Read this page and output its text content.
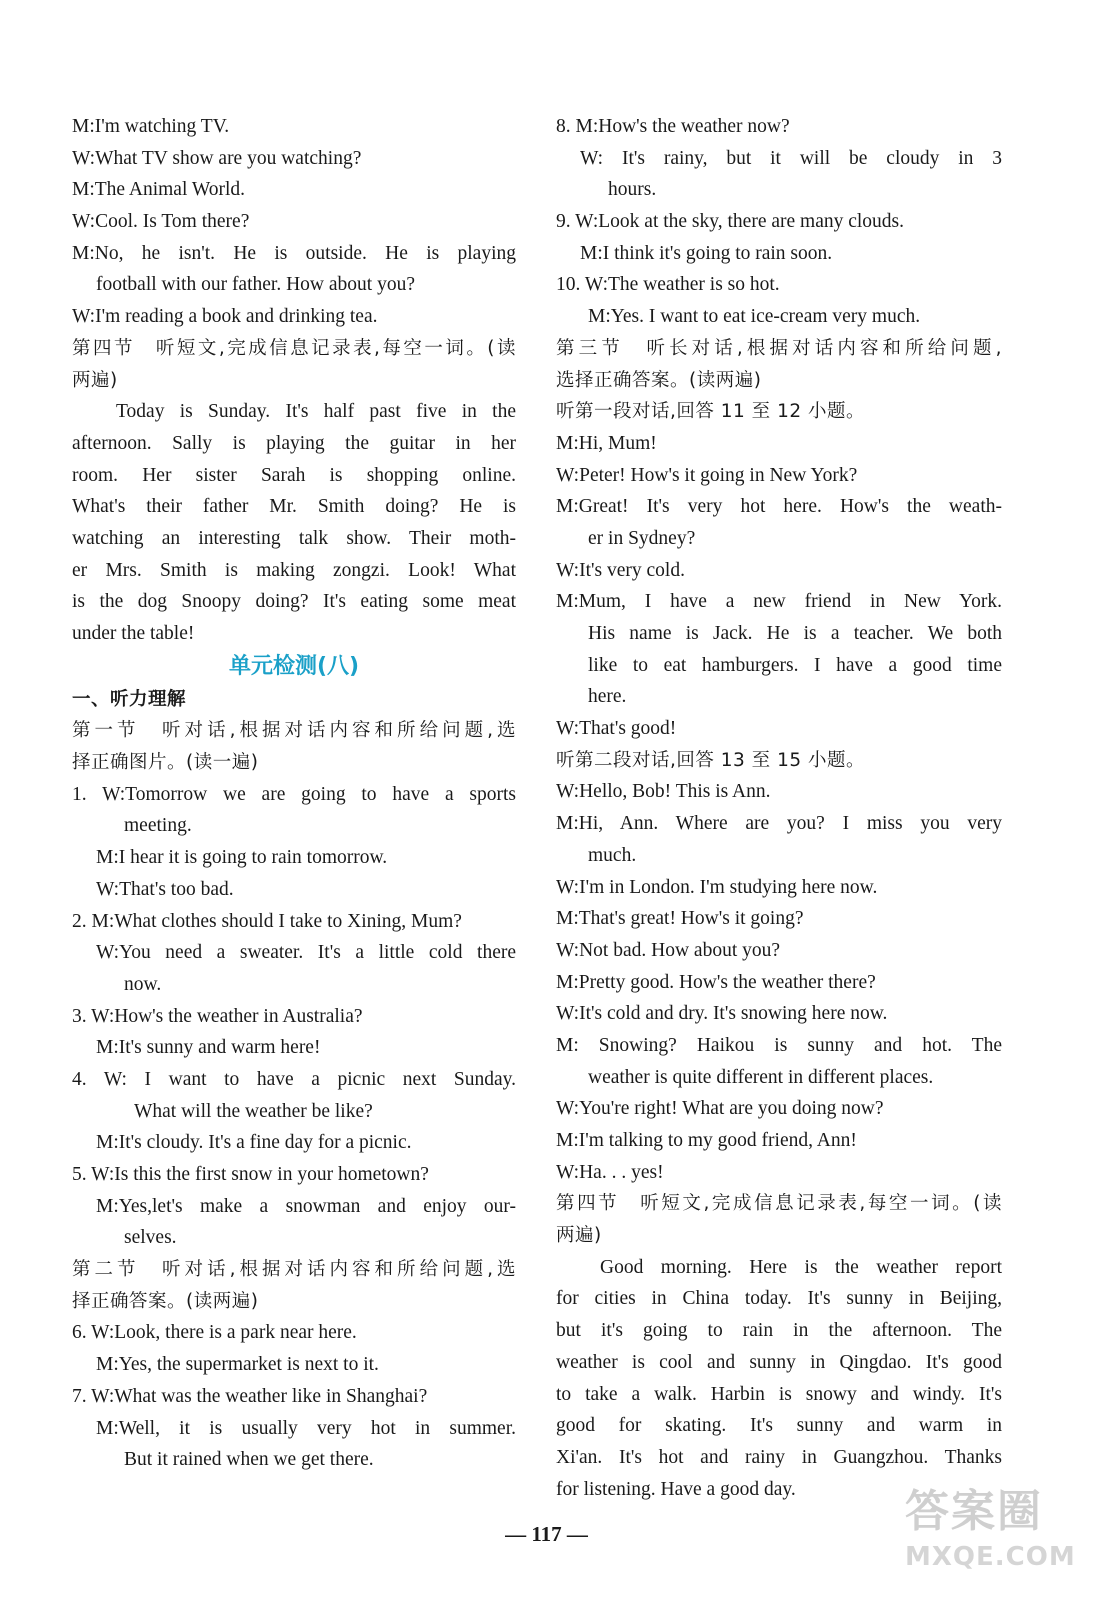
M:I'm watching TV.
W:What TV show are you watching?
M:The Animal World.
W:Cool. Is Tom there?
M:No, he isn't. He is outside. He is playing
football with our father. How about you?
W:I'm reading a book and drinking tea.
第四节　听短文,完成信息记录表,每空一词。(读
两遍)
Today is Sunday. It's half past five in the
afternoon. Sally is playing the guitar in her
room. Her sister Sarah is shopping online.
What's their father Mr. Smith doing? He is
watching an interesting talk show. Their moth-
er Mrs. Smith is making zongzi. Look! What
is the dog Snoopy doing? It's eating some meat
under the table!
单元检测(八)
一、听力理解
第一节　听对话,根据对话内容和所给问题,选
择正确图片。(读一遍)
1. W:Tomorrow we are going to have a sports
meeting.
M:I hear it is going to rain tomorrow.
W:That's too bad.
2. M:What clothes should I take to Xining, Mum?
W:You need a sweater. It's a little cold there
now.
3. W:How's the weather in Australia?
M:It's sunny and warm here!
4. W: I want to have a picnic next Sunday.
What will the weather be like?
M:It's cloudy. It's a fine day for a picnic.
5. W:Is this the first snow in your hometown?
M:Yes,let's make a snowman and enjoy our-
selves.
第二节　听对话,根据对话内容和所给问题,选
择正确答案。(读两遍)
6. W:Look, there is a park near here.
M:Yes, the supermarket is next to it.
7. W:What was the weather like in Shanghai?
M:Well, it is usually very hot in summer.
But it rained when we get there.
8. M:How's the weather now?
W: It's rainy, but it will be cloudy in 3
hours.
9. W:Look at the sky, there are many clouds.
M:I think it's going to rain soon.
10. W:The weather is so hot.
M:Yes. I want to eat ice-cream very much.
第三节　听长对话,根据对话内容和所给问题,
选择正确答案。(读两遍)
听第一段对话,回答 11 至 12 小题。
M:Hi, Mum!
W:Peter! How's it going in New York?
M:Great! It's very hot here. How's the weath-
er in Sydney?
W:It's very cold.
M:Mum, I have a new friend in New York.
His name is Jack. He is a teacher. We both
like to eat hamburgers. I have a good time
here.
W:That's good!
听第二段对话,回答 13 至 15 小题。
W:Hello, Bob! This is Ann.
M:Hi, Ann. Where are you? I miss you very
much.
W:I'm in London. I'm studying here now.
M:That's great! How's it going?
W:Not bad. How about you?
M:Pretty good. How's the weather there?
W:It's cold and dry. It's snowing here now.
M: Snowing? Haikou is sunny and hot. The
weather is quite different in different places.
W:You're right! What are you doing now?
M:I'm talking to my good friend, Ann!
W:Ha. . . yes!
第四节　听短文,完成信息记录表,每空一词。(读
两遍)
Good morning. Here is the weather report
for cities in China today. It's sunny in Beijing,
but it's going to rain in the afternoon. The
weather is cool and sunny in Qingdao. It's good
to take a walk. Harbin is snowy and windy. It's
good for skating. It's sunny and warm in
Xi'an. It's hot and rainy in Guangzhou. Thanks
for listening. Have a good day.
— 117 —	答案圈
MXQE.COM
